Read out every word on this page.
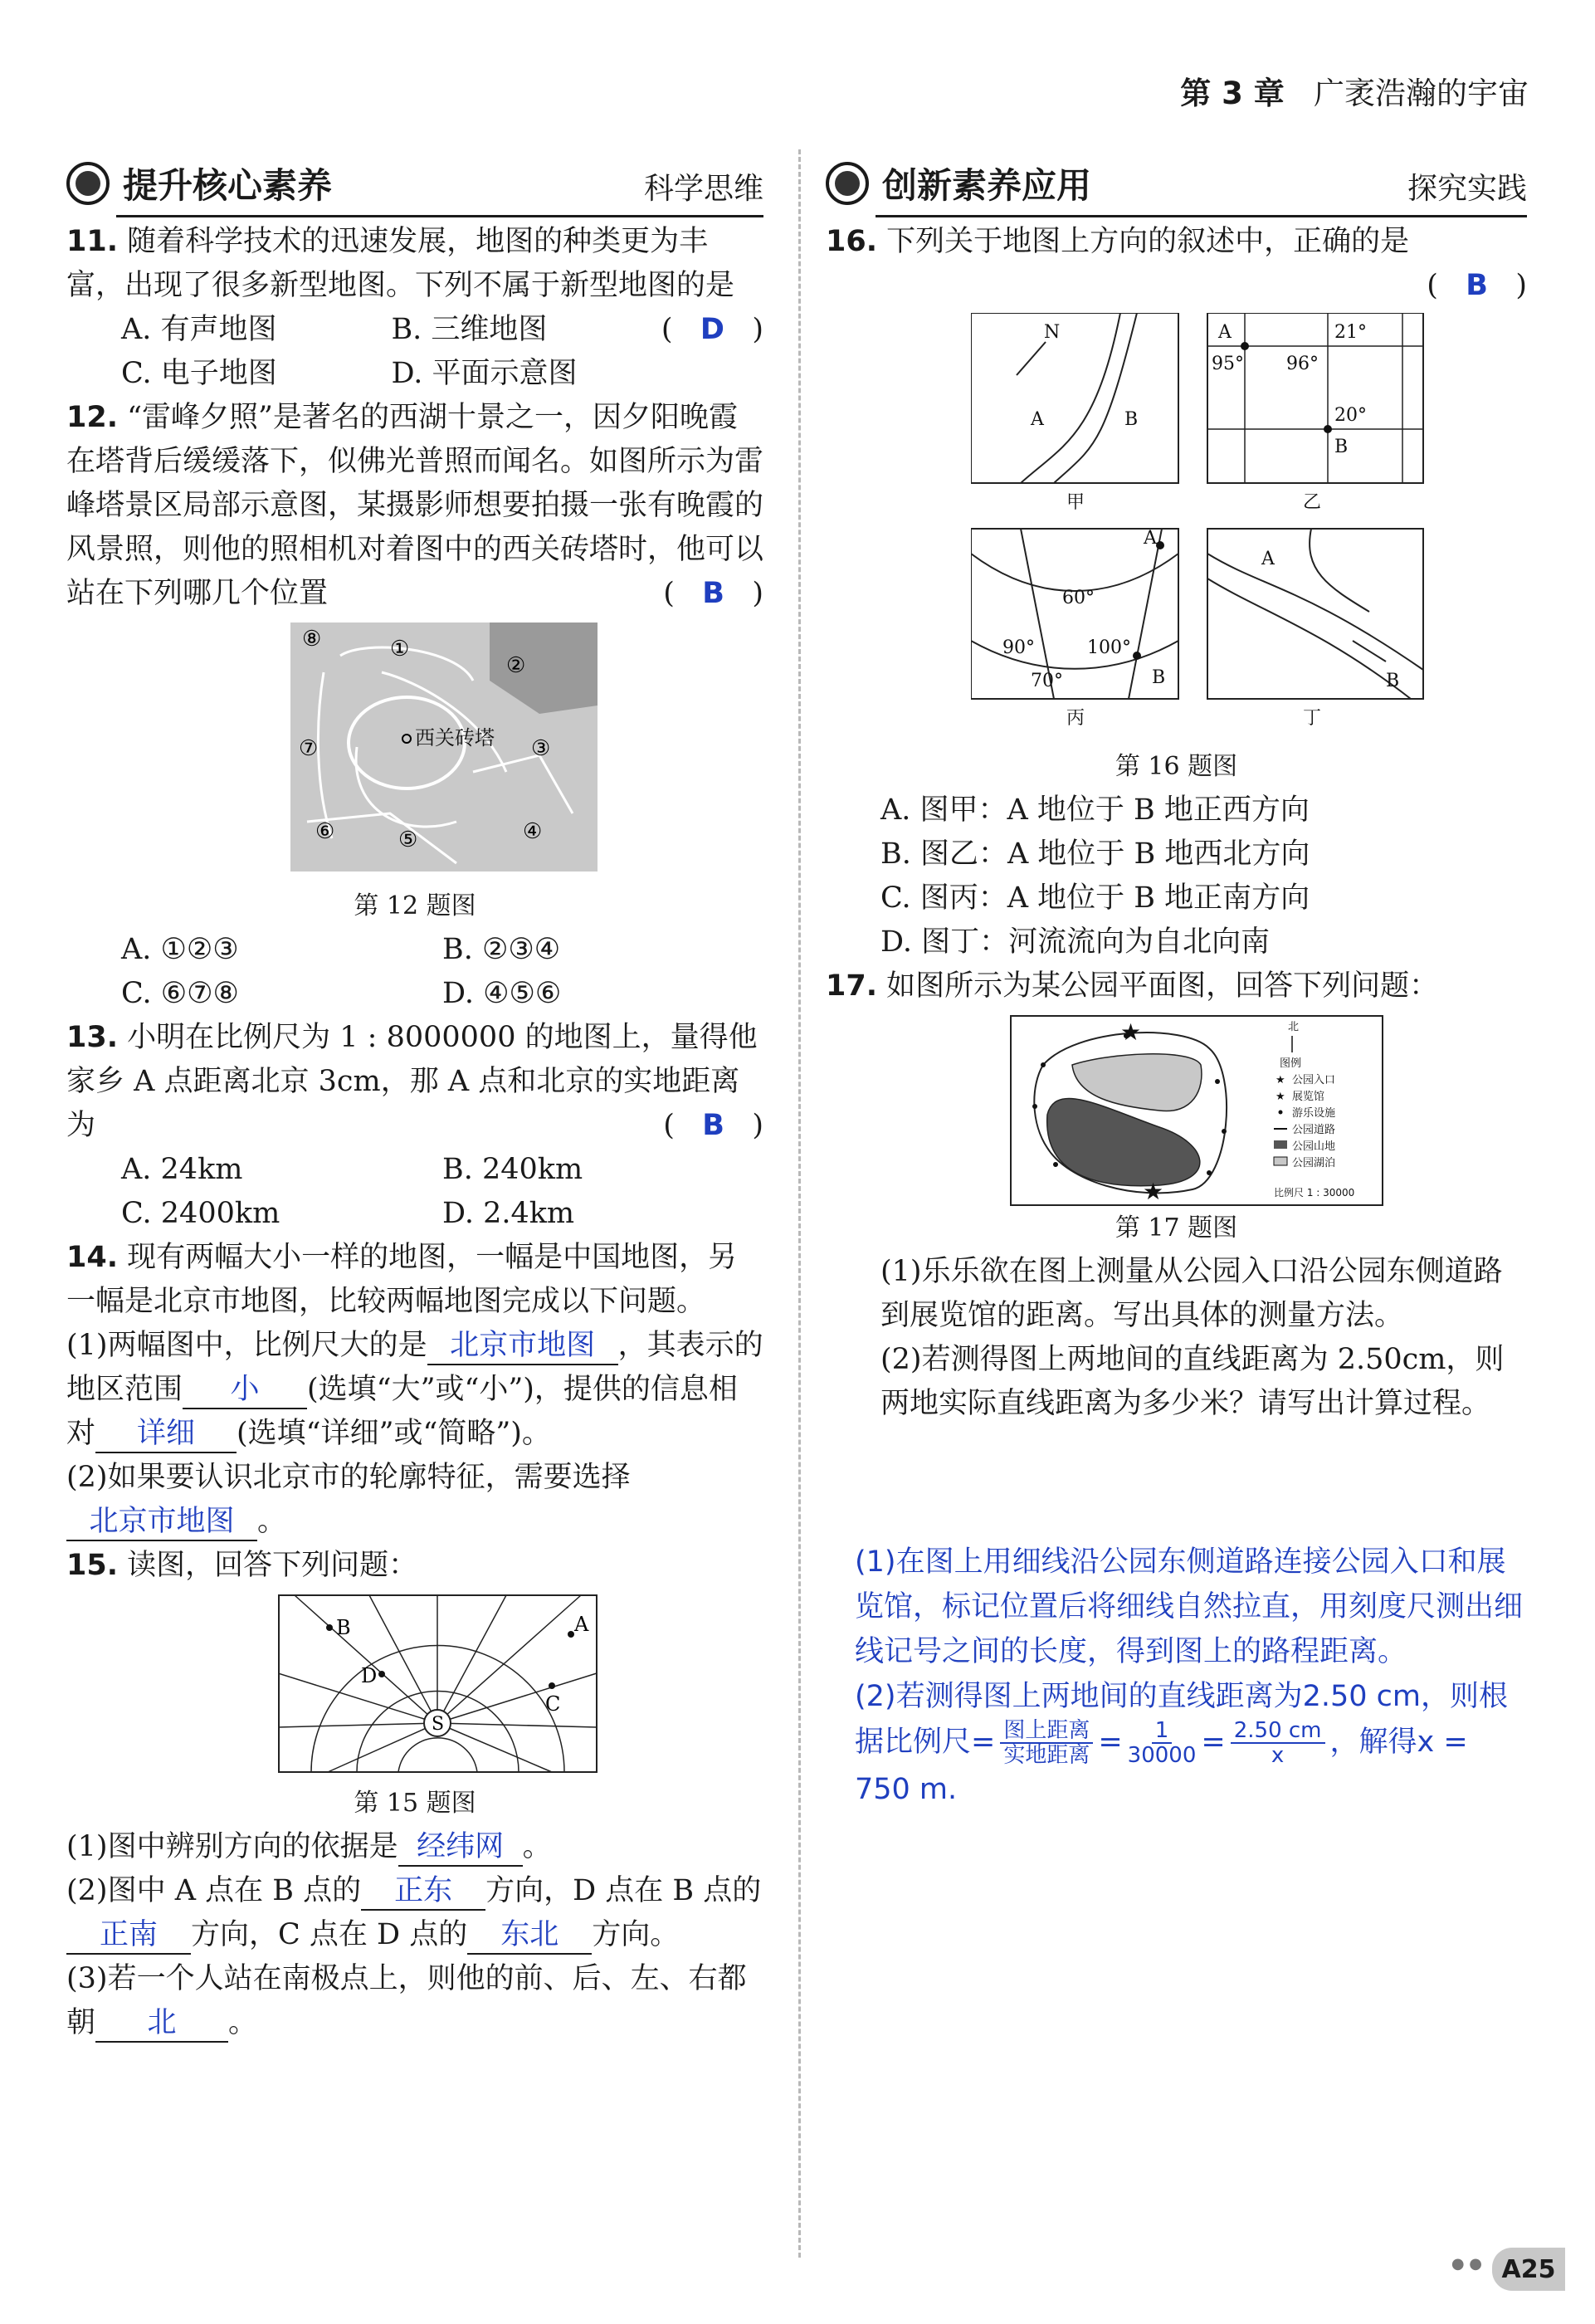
第 3 章 广袤浩瀚的宇宙
提升核心素养	科学思维	创新素养应用	探究实践
11. 随着科学技术的迅速发展，地图的种类更为丰富，出现了很多新型地图。下列不属于新型地图的是
(   D   )
A. 有声地图	B. 三维地图
C. 电子地图	D. 平面示意图
12. “雷峰夕照”是著名的西湖十景之一，因夕阳晚霞在塔背后缓缓落下，似佛光普照而闻名。如图所示为雷峰塔景区局部示意图，某摄影师想要拍摄一张有晚霞的风景照，则他的照相机对着图中的西关砖塔时，他可以站在下列哪几个位置	(   B   )
西关砖塔
⑧	①
②
③
④
⑤
⑥
⑦
第 12 题图
A. ①②③	B. ②③④
C. ⑥⑦⑧	D. ④⑤⑥
13. 小明在比例尺为 1 : 8000000 的地图上，量得他家乡 A 点距离北京 3cm，那 A 点和北京的实地距离为	(   B   )
A. 24km	B. 240km
C. 2400km	D. 2.4km
14. 现有两幅大小一样的地图，一幅是中国地图，另一幅是北京市地图，比较两幅地图完成以下问题。
(1)两幅图中，比例尺大的是 北京市地图 ，其表示的地区范围 小 (选填“大”或“小”)，提供的信息相对 详细 (选填“详细”或“简略”)。
(2)如果要认识北京市的轮廓特征，需要选择北京市地图 。
15. 读图，回答下列问题：
S
B	A
D
C
第 15 题图
(1)图中辨别方向的依据是 经纬网 。
(2)图中 A 点在 B 点的 正东 方向，D 点在 B 点的正南 方向，C 点在 D 点的 东北 方向。
(3)若一个人站在南极点上，则他的前、后、左、右都朝 北 。
16. 下列关于地图上方向的叙述中，正确的是
(   B   )
N
A	B
甲
A	21°
95° 96°
20°
B
乙
A
60°
90°	100°
70°	B
丙
A
B
丁
第 16 题图
A. 图甲：A 地位于 B 地正西方向
B. 图乙：A 地位于 B 地西北方向
C. 图丙：A 地位于 B 地正南方向
D. 图丁：河流流向为自北向南
17. 如图所示为某公园平面图，回答下列问题：
★
★
北
图例
★ 公园入口
★ 展览馆
游乐设施
公园道路
公园山地
公园湖泊
比例尺 1 : 30000
第 17 题图
(1)乐乐欲在图上测量从公园入口沿公园东侧道路到展览馆的距离。写出具体的测量方法。
(2)若测得图上两地间的直线距离为 2.50cm，则两地实际直线距离为多少米？请写出计算过程。
(1)在图上用细线沿公园东侧道路连接公园入口和展览馆，标记位置后将细线自然拉直，用刻度尺测出细线记号之间的长度，得到图上的路程距离。
(2)若测得图上两地间的直线距离为2.50 cm，则根据比例尺= $\frac{\text{图上距离}}{\text{实地距离}} = \frac{1}{30000} = \frac{2.50 cm}{x}$ ，解得x = 750 m.
● ● A25
